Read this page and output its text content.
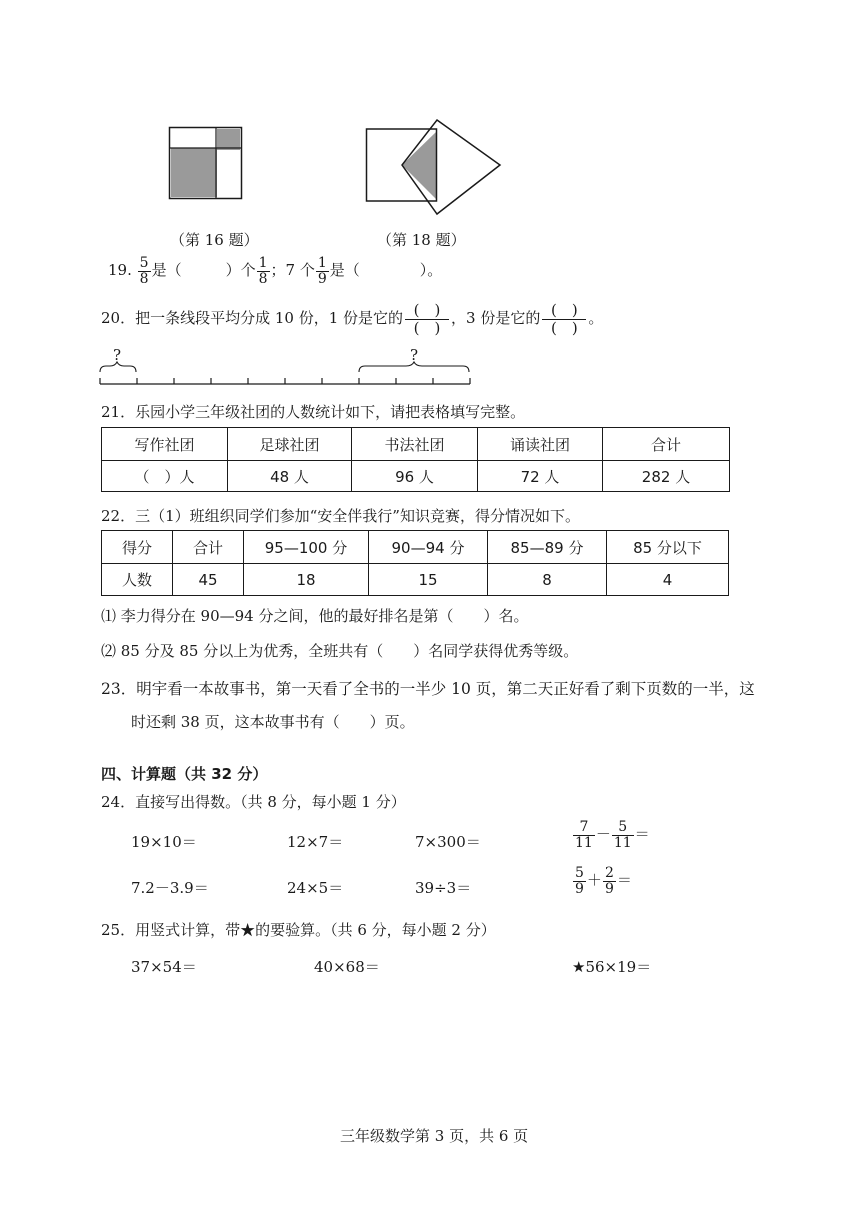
（第 16 题）	（第 18 题）
19. $\frac{5}{8}$ 是（	）个 $\frac{1}{8}$ ；7 个 $\frac{1}{9}$ 是（	）。
20．把一条线段平均分成 10 份，1 份是它的 (　)
(　)
，3 份是它的 (　)
(　)
。
?	?
21．乐园小学三年级社团的人数统计如下，请把表格填写完整。
写作社团	足球社团	书法社团	诵读社团	合计
（　）人	48 人	96 人	72 人	282 人
22．三（1）班组织同学们参加“安全伴我行”知识竞赛，得分情况如下。
得分	合计	95—100 分	90—94 分	85—89 分	85 分以下
人数	45	18	15	8	4
⑴ 李力得分在 90—94 分之间，他的最好排名是第（　　）名。
⑵ 85 分及 85 分以上为优秀，全班共有（　　）名同学获得优秀等级。
23．明宇看一本故事书，第一天看了全书的一半少 10 页，第二天正好看了剩下页数的一半，这
时还剩 38 页，这本故事书有（　　）页。
四、计算题（共 32 分）
24．直接写出得数。（共 8 分，每小题 1 分）
19×10＝	12×7＝	7×300＝	$\frac{7}{11} - \frac{5}{11}$ ＝
7.2－3.9＝	24×5＝	39÷3＝	$\frac{5}{9} + \frac{2}{9}$ ＝
25．用竖式计算，带★的要验算。（共 6 分，每小题 2 分）
37×54＝	40×68＝	★56×19＝
三年级数学第 3 页，共 6 页
